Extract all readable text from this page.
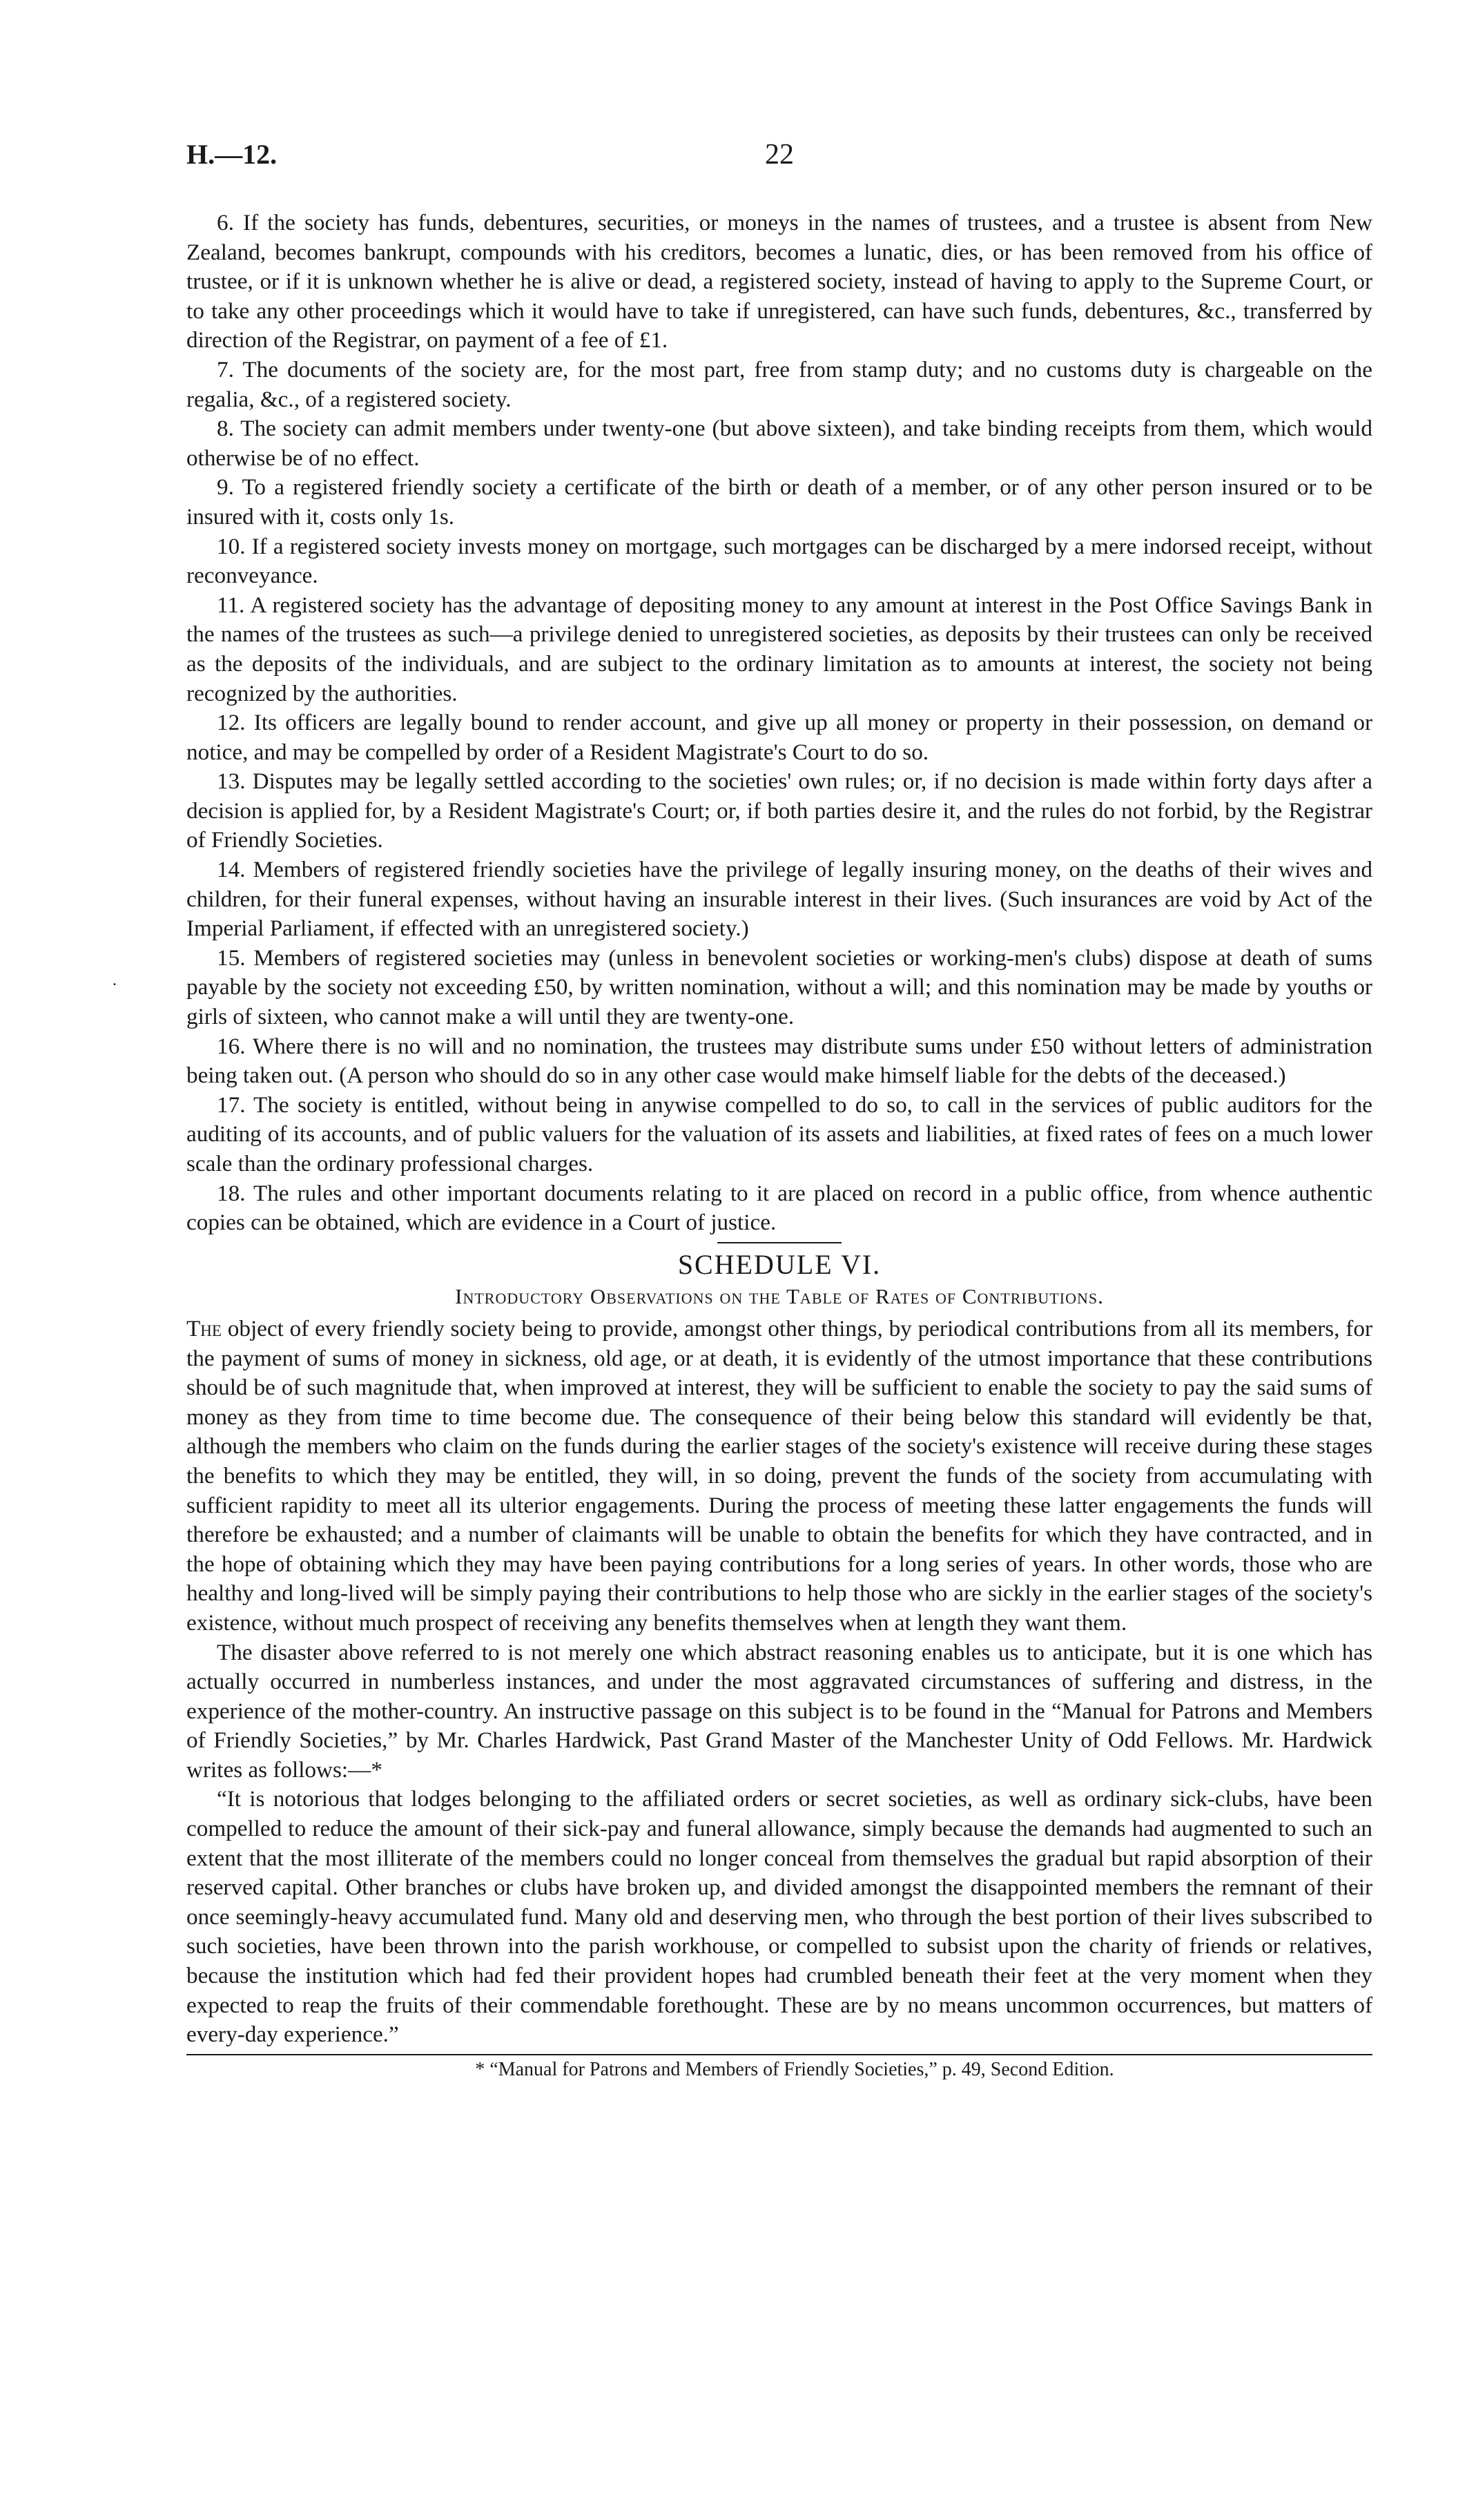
H.—12.	22
.

6. If the society has funds, debentures, securities, or moneys in the names of trustees, and a trustee is absent from New Zealand, becomes bankrupt, compounds with his creditors, becomes a lunatic, dies, or has been removed from his office of trustee, or if it is unknown whether he is alive or dead, a registered society, instead of having to apply to the Supreme Court, or to take any other proceedings which it would have to take if unregistered, can have such funds, debentures, &c., transferred by direction of the Registrar, on payment of a fee of £1.

7. The documents of the society are, for the most part, free from stamp duty; and no customs duty is chargeable on the regalia, &c., of a registered society.

8. The society can admit members under twenty-one (but above sixteen), and take binding receipts from them, which would otherwise be of no effect.

9. To a registered friendly society a certificate of the birth or death of a member, or of any other person insured or to be insured with it, costs only 1s.

10. If a registered society invests money on mortgage, such mortgages can be discharged by a mere indorsed receipt, without reconveyance.

11. A registered society has the advantage of depositing money to any amount at interest in the Post Office Savings Bank in the names of the trustees as such—a privilege denied to unregistered societies, as deposits by their trustees can only be received as the deposits of the individuals, and are subject to the ordinary limitation as to amounts at interest, the society not being recognized by the authorities.

12. Its officers are legally bound to render account, and give up all money or property in their possession, on demand or notice, and may be compelled by order of a Resident Magistrate's Court to do so.

13. Disputes may be legally settled according to the societies' own rules; or, if no decision is made within forty days after a decision is applied for, by a Resident Magistrate's Court; or, if both parties desire it, and the rules do not forbid, by the Registrar of Friendly Societies.

14. Members of registered friendly societies have the privilege of legally insuring money, on the deaths of their wives and children, for their funeral expenses, without having an insurable interest in their lives. (Such insurances are void by Act of the Imperial Parliament, if effected with an unregistered society.)

15. Members of registered societies may (unless in benevolent societies or working-men's clubs) dispose at death of sums payable by the society not exceeding £50, by written nomination, without a will; and this nomination may be made by youths or girls of sixteen, who cannot make a will until they are twenty-one.

16. Where there is no will and no nomination, the trustees may distribute sums under £50 without letters of administration being taken out. (A person who should do so in any other case would make himself liable for the debts of the deceased.)

17. The society is entitled, without being in anywise compelled to do so, to call in the services of public auditors for the auditing of its accounts, and of public valuers for the valuation of its assets and liabilities, at fixed rates of fees on a much lower scale than the ordinary professional charges.

18. The rules and other important documents relating to it are placed on record in a public office, from whence authentic copies can be obtained, which are evidence in a Court of justice.

SCHEDULE VI.
Introductory Observations on the Table of Rates of Contributions.

The object of every friendly society being to provide, amongst other things, by periodical contributions from all its members, for the payment of sums of money in sickness, old age, or at death, it is evidently of the utmost importance that these contributions should be of such magnitude that, when improved at interest, they will be sufficient to enable the society to pay the said sums of money as they from time to time become due. The consequence of their being below this standard will evidently be that, although the members who claim on the funds during the earlier stages of the society's existence will receive during these stages the benefits to which they may be entitled, they will, in so doing, prevent the funds of the society from accumulating with sufficient rapidity to meet all its ulterior engagements. During the process of meeting these latter engagements the funds will therefore be exhausted; and a number of claimants will be unable to obtain the benefits for which they have contracted, and in the hope of obtaining which they may have been paying contributions for a long series of years. In other words, those who are healthy and long-lived will be simply paying their contributions to help those who are sickly in the earlier stages of the society's existence, without much prospect of receiving any benefits themselves when at length they want them.

The disaster above referred to is not merely one which abstract reasoning enables us to anticipate, but it is one which has actually occurred in numberless instances, and under the most aggravated circumstances of suffering and distress, in the experience of the mother-country. An instructive passage on this subject is to be found in the “Manual for Patrons and Members of Friendly Societies,” by Mr. Charles Hardwick, Past Grand Master of the Manchester Unity of Odd Fellows. Mr. Hardwick writes as follows:—*

“It is notorious that lodges belonging to the affiliated orders or secret societies, as well as ordinary sick-clubs, have been compelled to reduce the amount of their sick-pay and funeral allowance, simply because the demands had augmented to such an extent that the most illiterate of the members could no longer conceal from themselves the gradual but rapid absorption of their reserved capital. Other branches or clubs have broken up, and divided amongst the disappointed members the remnant of their once seemingly-heavy accumulated fund. Many old and deserving men, who through the best portion of their lives subscribed to such societies, have been thrown into the parish workhouse, or compelled to subsist upon the charity of friends or relatives, because the institution which had fed their provident hopes had crumbled beneath their feet at the very moment when they expected to reap the fruits of their commendable forethought. These are by no means uncommon occurrences, but matters of every-day experience.”

* “Manual for Patrons and Members of Friendly Societies,” p. 49, Second Edition.
